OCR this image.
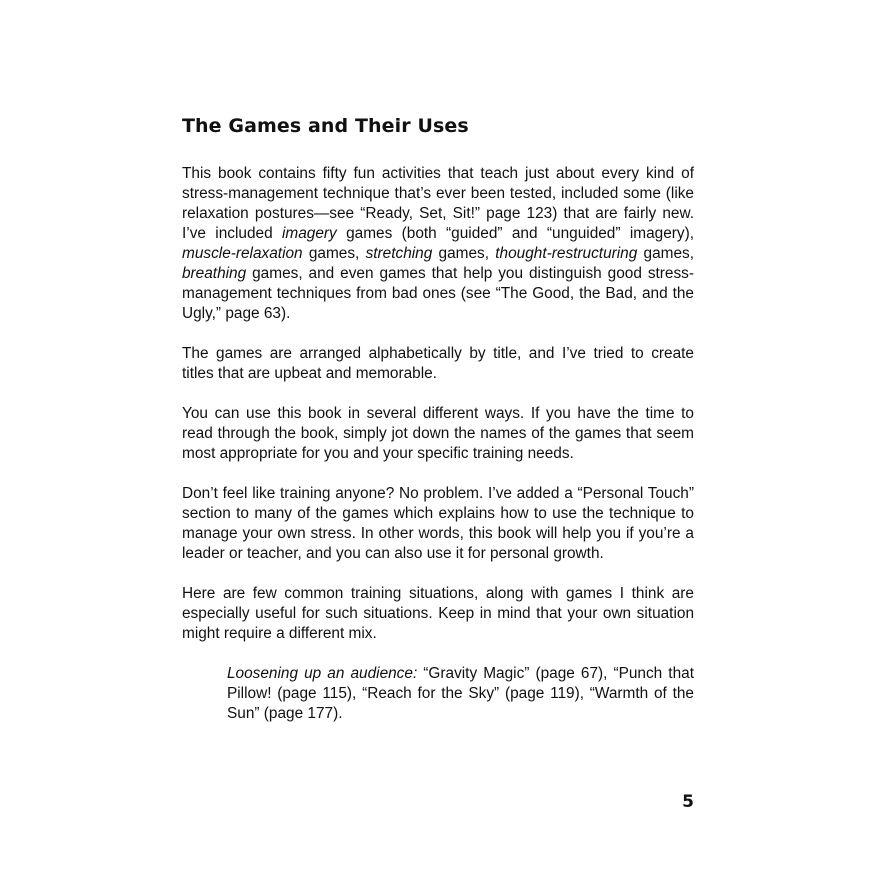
The Games and Their Uses

This book contains fifty fun activities that teach just about every kind of stress-management technique that’s ever been tested, included some (like relaxation postures—see “Ready, Set, Sit!” page 123) that are fairly new. I’ve included imagery games (both “guided” and “unguided” imagery), muscle-relaxation games, stretching games, thought-restructuring games, breathing games, and even games that help you distinguish good stress-management techniques from bad ones (see “The Good, the Bad, and the Ugly,” page 63).

The games are arranged alphabetically by title, and I’ve tried to create titles that are upbeat and memorable.

You can use this book in several different ways. If you have the time to read through the book, simply jot down the names of the games that seem most appropriate for you and your specific training needs.

Don’t feel like training anyone? No problem. I’ve added a “Personal Touch” section to many of the games which explains how to use the technique to manage your own stress. In other words, this book will help you if you’re a leader or teacher, and you can also use it for personal growth.

Here are few common training situations, along with games I think are especially useful for such situations. Keep in mind that your own situation might require a different mix.

Loosening up an audience: “Gravity Magic” (page 67), “Punch that Pillow! (page 115), “Reach for the Sky” (page 119), “Warmth of the Sun” (page 177).

5
